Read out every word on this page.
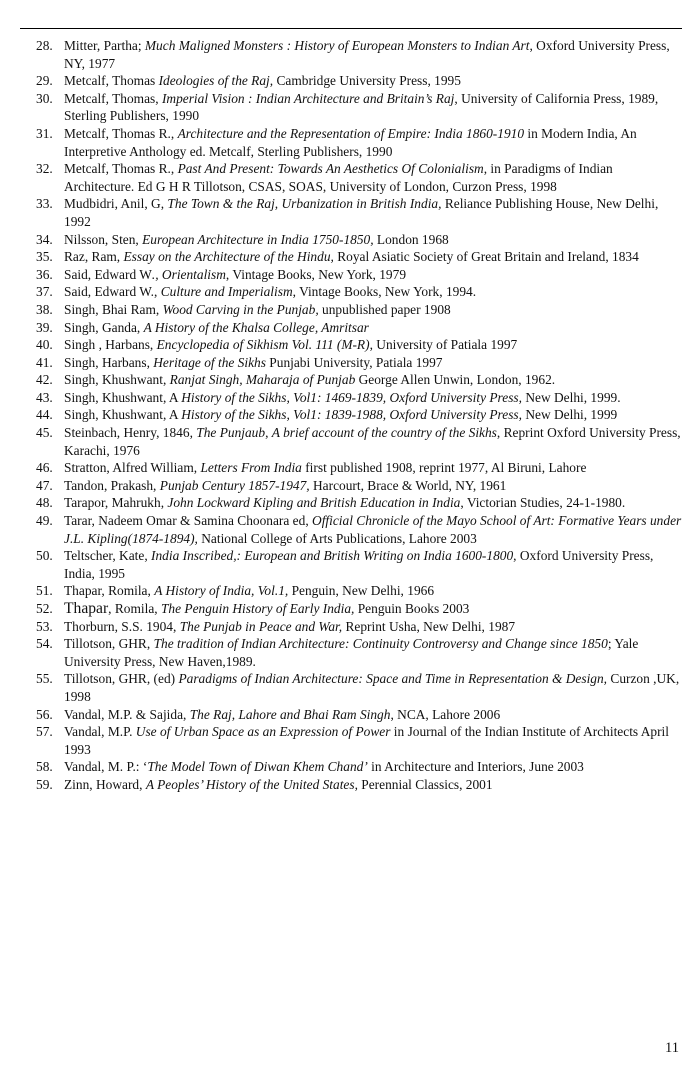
28. Mitter, Partha; Much Maligned Monsters : History of European Monsters to Indian Art, Oxford University Press, NY, 1977
29. Metcalf, Thomas Ideologies of the Raj, Cambridge University Press, 1995
30. Metcalf, Thomas, Imperial Vision : Indian Architecture and Britain’s Raj, University of California Press, 1989, Sterling Publishers, 1990
31. Metcalf, Thomas R., Architecture and the Representation of Empire: India 1860-1910 in Modern India, An Interpretive Anthology ed. Metcalf, Sterling Publishers, 1990
32. Metcalf, Thomas R., Past And Present: Towards An Aesthetics Of Colonialism, in Paradigms of Indian Architecture. Ed G H R Tillotson, CSAS, SOAS, University of London, Curzon Press, 1998
33. Mudbidri, Anil, G, The Town & the Raj, Urbanization in British India, Reliance Publishing House, New Delhi, 1992
34. Nilsson, Sten, European Architecture in India 1750-1850, London 1968
35. Raz, Ram, Essay on the Architecture of the Hindu, Royal Asiatic Society of Great Britain and Ireland, 1834
36. Said, Edward W., Orientalism, Vintage Books, New York, 1979
37. Said, Edward W., Culture and Imperialism, Vintage Books, New York, 1994.
38. Singh, Bhai Ram, Wood Carving in the Punjab, unpublished paper 1908
39. Singh, Ganda, A History of the Khalsa College, Amritsar
40. Singh , Harbans, Encyclopedia of Sikhism Vol. 111 (M-R), University of Patiala 1997
41. Singh, Harbans, Heritage of the Sikhs Punjabi University, Patiala 1997
42. Singh, Khushwant, Ranjat Singh, Maharaja of Punjab George Allen Unwin, London, 1962.
43. Singh, Khushwant, A History of the Sikhs, Vol1: 1469-1839, Oxford University Press, New Delhi, 1999.
44. Singh, Khushwant, A History of the Sikhs, Vol1: 1839-1988, Oxford University Press, New Delhi, 1999
45. Steinbach, Henry, 1846, The Punjaub, A brief account of the country of the Sikhs, Reprint Oxford University Press, Karachi, 1976
46. Stratton, Alfred William, Letters From India first published 1908, reprint 1977, Al Biruni, Lahore
47. Tandon, Prakash, Punjab Century 1857-1947, Harcourt, Brace & World, NY, 1961
48. Tarapor, Mahrukh, John Lockward Kipling and British Education in India, Victorian Studies, 24-1-1980.
49. Tarar, Nadeem Omar & Samina Choonara ed, Official Chronicle of the Mayo School of Art: Formative Years under J.L. Kipling(1874-1894), National College of Arts Publications, Lahore 2003
50. Teltscher, Kate, India Inscribed,: European and British Writing on India 1600-1800, Oxford University Press, India, 1995
51. Thapar, Romila, A History of India, Vol.1, Penguin, New Delhi, 1966
52. Thapar, Romila, The Penguin History of Early India, Penguin Books 2003
53. Thorburn, S.S. 1904, The Punjab in Peace and War, Reprint Usha, New Delhi, 1987
54. Tillotson, GHR, The tradition of Indian Architecture: Continuity Controversy and Change since 1850; Yale University Press, New Haven,1989.
55. Tillotson, GHR, (ed) Paradigms of Indian Architecture: Space and Time in Representation & Design, Curzon ,UK, 1998
56. Vandal, M.P. & Sajida, The Raj, Lahore and Bhai Ram Singh, NCA, Lahore 2006
57. Vandal, M.P. Use of Urban Space as an Expression of Power in Journal of the Indian Institute of Architects April 1993
58. Vandal, M. P.: ‘The Model Town of Diwan Khem Chand’ in Architecture and Interiors, June 2003
59. Zinn, Howard, A Peoples’ History of the United States, Perennial Classics, 2001
11
